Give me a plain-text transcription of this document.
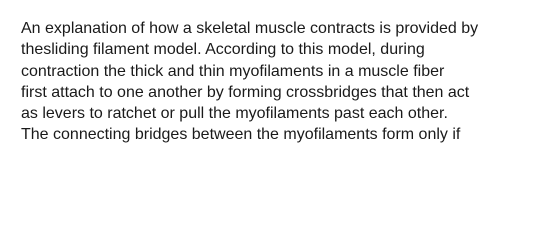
An explanation of how a skeletal muscle contracts is provided by
thesliding filament model. According to this model, during
contraction the thick and thin myofilaments in a muscle fiber
first attach to one another by forming crossbridges that then act
as levers to ratchet or pull the myofilaments past each other.
The connecting bridges between the myofilaments form only if
